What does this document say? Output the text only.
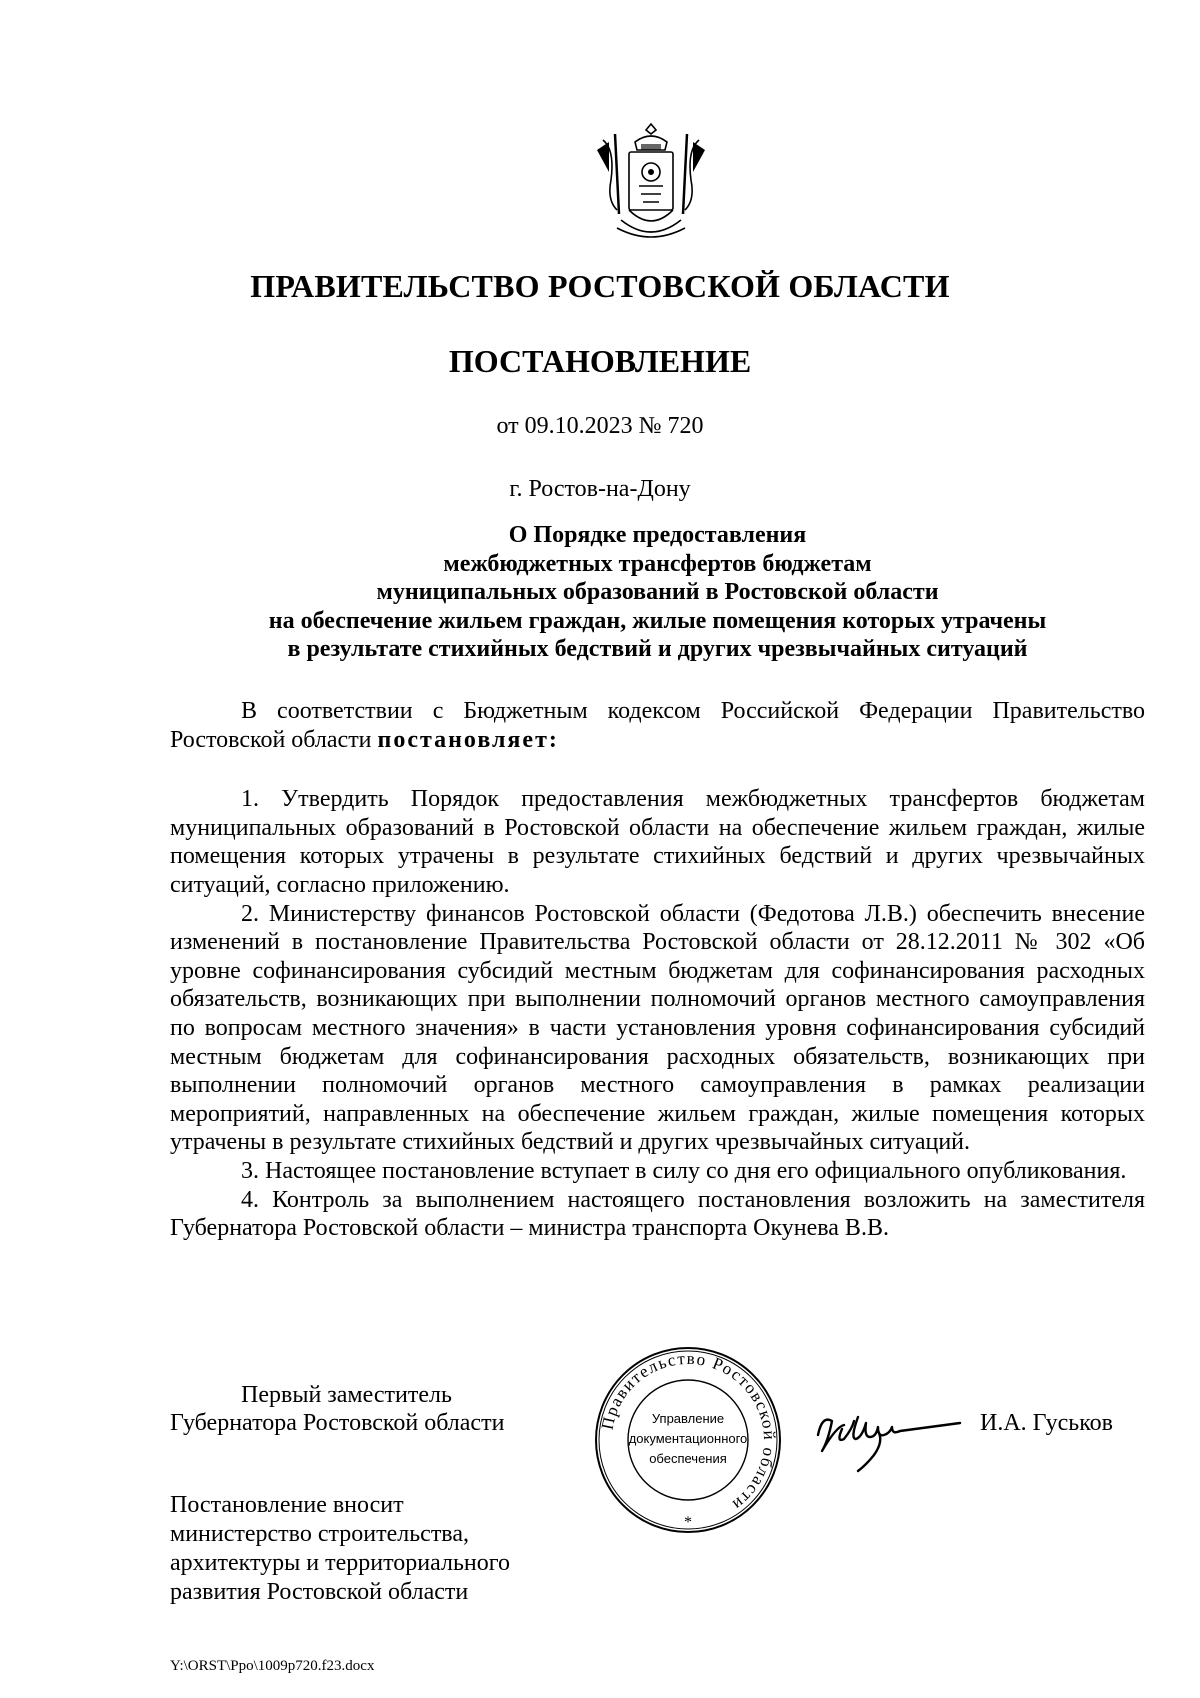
ПРАВИТЕЛЬСТВО РОСТОВСКОЙ ОБЛАСТИ
ПОСТАНОВЛЕНИЕ
от 09.10.2023 № 720
г. Ростов-на-Дону
О Порядке предоставления
межбюджетных трансфертов бюджетам
муниципальных образований в Ростовской области
на обеспечение жильем граждан, жилые помещения которых утрачены
в результате стихийных бедствий и других чрезвычайных ситуаций

В соответствии с Бюджетным кодексом Российской Федерации Правительство Ростовской области постановляет:

1. Утвердить Порядок предоставления межбюджетных трансфертов бюджетам муниципальных образований в Ростовской области на обеспечение жильем граждан, жилые помещения которых утрачены в результате стихийных бедствий и других чрезвычайных ситуаций, согласно приложению.

2. Министерству финансов Ростовской области (Федотова Л.В.) обеспечить внесение изменений в постановление Правительства Ростовской области от 28.12.2011 № 302 «Об уровне софинансирования субсидий местным бюджетам для софинансирования расходных обязательств, возникающих при выполнении полномочий органов местного самоуправления по вопросам местного значения» в части установления уровня софинансирования субсидий местным бюджетам для софинансирования расходных обязательств, возникающих при выполнении полномочий органов местного самоуправления в рамках реализации мероприятий, направленных на обеспечение жильем граждан, жилые помещения которых утрачены в результате стихийных бедствий и других чрезвычайных ситуаций.

3. Настоящее постановление вступает в силу со дня его официального опубликования.

4. Контроль за выполнением настоящего постановления возложить на заместителя Губернатора Ростовской области – министра транспорта Окунева В.В.

Первый заместитель
Губернатора Ростовской области	И.А. Гуськов
Правительство Ростовской области
Управление
документационного
обеспечения
*
Постановление вносит
министерство строительства,
архитектуры и территориального
развития Ростовской области
Y:\ORST\Ppo\1009p720.f23.docx
